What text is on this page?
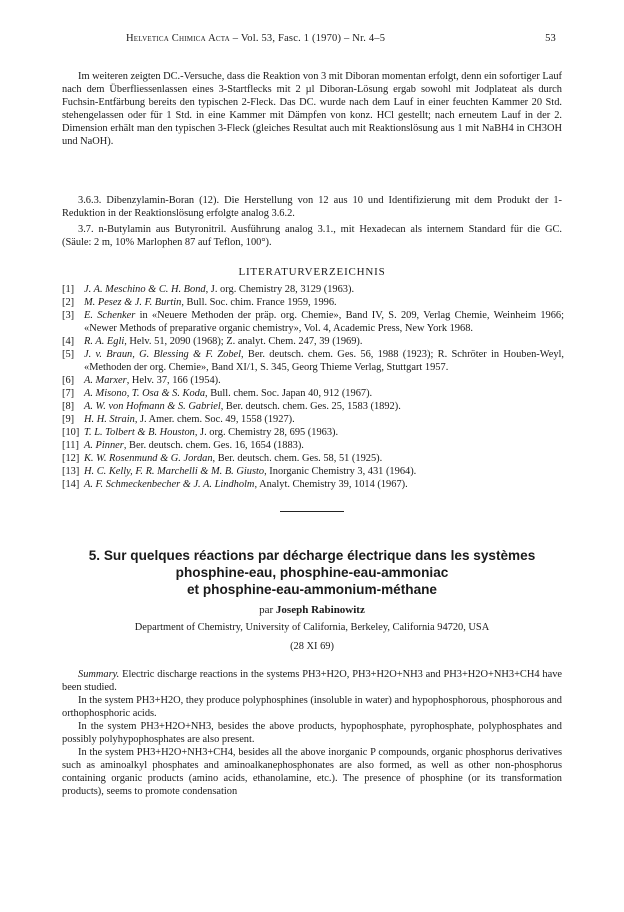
Helvetica Chimica Acta – Vol. 53, Fasc. 1 (1970) – Nr. 4–5	53

Im weiteren zeigten DC.-Versuche, dass die Reaktion von 3 mit Diboran momentan erfolgt, denn ein sofortiger Lauf nach dem Überfliessenlassen eines 3-Startflecks mit 2 µl Diboran-Lösung ergab sowohl mit Jodplateat als durch Fuchsin-Entfärbung bereits den typischen 2-Fleck. Das DC. wurde nach dem Lauf in einer feuchten Kammer 20 Std. stehengelassen oder für 1 Std. in eine Kammer mit Dämpfen von konz. HCl gestellt; nach erneutem Lauf in der 2. Dimension erhält man den typischen 3-Fleck (gleiches Resultat auch mit Reaktionslösung aus 1 mit NaBH4 in CH3OH und NaOH).

3.6.3. Dibenzylamin-Boran (12). Die Herstellung von 12 aus 10 und Identifizierung mit dem Produkt der 1-Reduktion in der Reaktionslösung erfolgte analog 3.6.2.

3.7. n-Butylamin aus Butyronitril. Ausführung analog 3.1., mit Hexadecan als internem Standard für die GC. (Säule: 2 m, 10% Marlophen 87 auf Teflon, 100°).

LITERATURVERZEICHNIS
[1] J. A. Meschino & C. H. Bond, J. org. Chemistry 28, 3129 (1963).
[2] M. Pesez & J. F. Burtin, Bull. Soc. chim. France 1959, 1996.
[3] E. Schenker in «Neuere Methoden der präp. org. Chemie», Band IV, S. 209, Verlag Chemie, Weinheim 1966; «Newer Methods of preparative organic chemistry», Vol. 4, Academic Press, New York 1968.
[4] R. A. Egli, Helv. 51, 2090 (1968); Z. analyt. Chem. 247, 39 (1969).
[5] J. v. Braun, G. Blessing & F. Zobel, Ber. deutsch. chem. Ges. 56, 1988 (1923); R. Schröter in Houben-Weyl, «Methoden der org. Chemie», Band XI/1, S. 345, Georg Thieme Verlag, Stuttgart 1957.
[6] A. Marxer, Helv. 37, 166 (1954).
[7] A. Misono, T. Osa & S. Koda, Bull. chem. Soc. Japan 40, 912 (1967).
[8] A. W. von Hofmann & S. Gabriel, Ber. deutsch. chem. Ges. 25, 1583 (1892).
[9] H. H. Strain, J. Amer. chem. Soc. 49, 1558 (1927).
[10] T. L. Tolbert & B. Houston, J. org. Chemistry 28, 695 (1963).
[11] A. Pinner, Ber. deutsch. chem. Ges. 16, 1654 (1883).
[12] K. W. Rosenmund & G. Jordan, Ber. deutsch. chem. Ges. 58, 51 (1925).
[13] H. C. Kelly, F. R. Marchelli & M. B. Giusto, Inorganic Chemistry 3, 431 (1964).
[14] A. F. Schmeckenbecher & J. A. Lindholm, Analyt. Chemistry 39, 1014 (1967).
5. Sur quelques réactions par décharge électrique dans les systèmes
phosphine-eau, phosphine-eau-ammoniac
et phosphine-eau-ammonium-méthane
par Joseph Rabinowitz
Department of Chemistry, University of California, Berkeley, California 94720, USA
(28 XI 69)

Summary. Electric discharge reactions in the systems PH3+H2O, PH3+H2O+NH3 and PH3+H2O+NH3+CH4 have been studied.

In the system PH3+H2O, they produce polyphosphines (insoluble in water) and hypophosphorous, phosphorous and orthophosphoric acids.

In the system PH3+H2O+NH3, besides the above products, hypophosphate, pyrophosphate, polyphosphates and possibly polyhypophosphates are also present.

In the system PH3+H2O+NH3+CH4, besides all the above inorganic P compounds, organic phosphorus derivatives such as aminoalkyl phosphates and aminoalkanephosphonates are also formed, as well as other non-phosphorus containing organic products (amino acids, ethanolamine, etc.). The presence of phosphine (or its transformation products), seems to promote condensation
